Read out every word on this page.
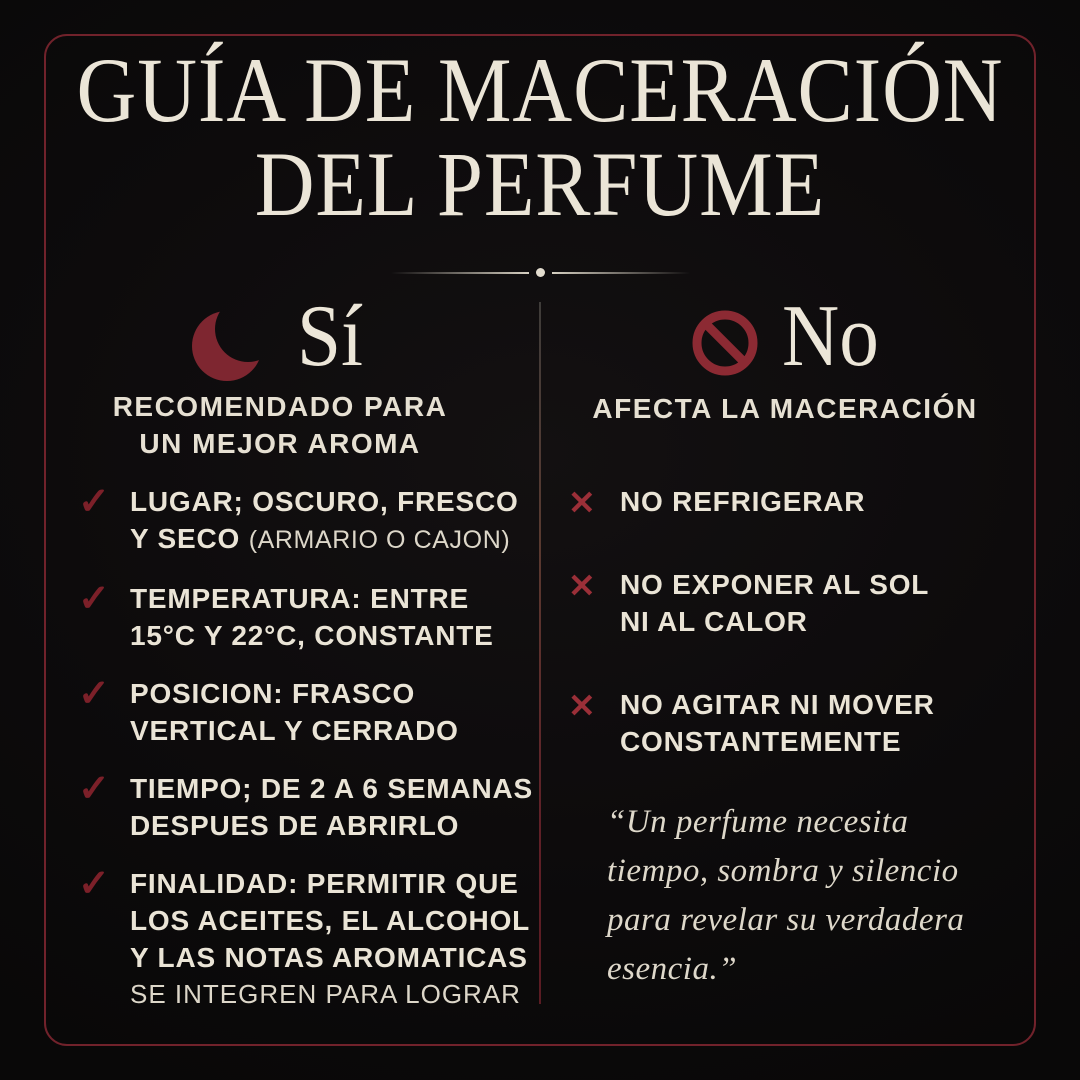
GUÍA DE MACERACIÓN
DEL PERFUME
Sí	No
RECOMENDADO PARA
UN MEJOR AROMA
AFECTA LA MACERACIÓN
✓ LUGAR; OSCURO, FRESCO
Y SECO (ARMARIO O CAJON)
✓ TEMPERATURA: ENTRE
15°C Y 22°C, CONSTANTE
✓ POSICION: FRASCO
VERTICAL Y CERRADO
✓ TIEMPO; DE 2 A 6 SEMANAS
DESPUES DE ABRIRLO
✓ FINALIDAD: PERMITIR QUE
LOS ACEITES, EL ALCOHOL
Y LAS NOTAS AROMATICAS
SE INTEGREN PARA LOGRAR
✕ NO REFRIGERAR
✕ NO EXPONER AL SOL
NI AL CALOR
✕ NO AGITAR NI MOVER
CONSTANTEMENTE
“Un perfume necesita
tiempo, sombra y silencio
para revelar su verdadera
esencia.”
